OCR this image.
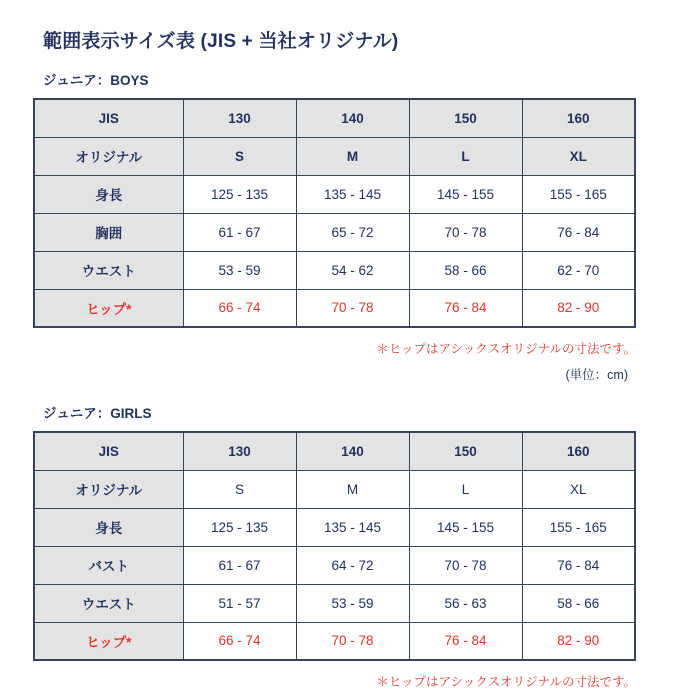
範囲表示サイズ表 (JIS + 当社オリジナル)
ジュニア：BOYS
JIS	130	140	150	160
オリジナル	S	M	L	XL
身長	125 - 135	135 - 145	145 - 155	155 - 165
胸囲	61 - 67	65 - 72	70 - 78	76 - 84
ウエスト	53 - 59	54 - 62	58 - 66	62 - 70
ヒップ*	66 - 74	70 - 78	76 - 84	82 - 90

＊ヒップはアシックスオリジナルの寸法です。

(単位：cm)

ジュニア：GIRLS
JIS	130	140	150	160
オリジナル	S	M	L	XL
身長	125 - 135	135 - 145	145 - 155	155 - 165
バスト	61 - 67	64 - 72	70 - 78	76 - 84
ウエスト	51 - 57	53 - 59	56 - 63	58 - 66
ヒップ*	66 - 74	70 - 78	76 - 84	82 - 90

＊ヒップはアシックスオリジナルの寸法です。
